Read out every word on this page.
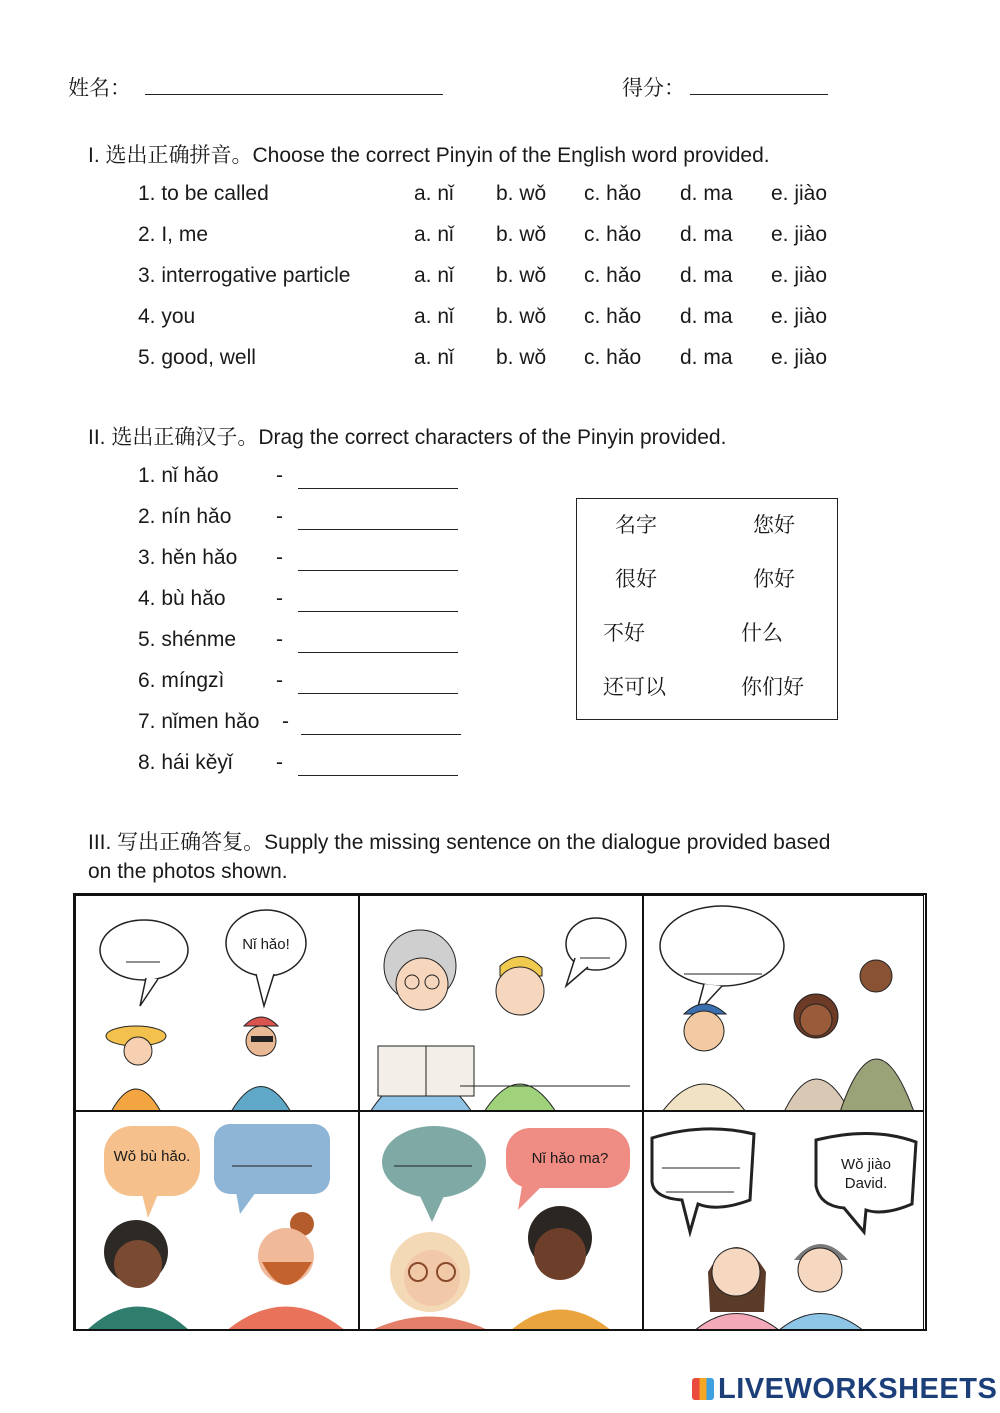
姓名：	得分：
I. 选出正确拼音。Choose the correct Pinyin of the English word provided.
1. to be called	a. nǐ b. wǒ c. hǎo d. ma e. jiào
2. I, me	a. nǐ b. wǒ c. hǎo d. ma e. jiào
3. interrogative particle	a. nǐ b. wǒ c. hǎo d. ma e. jiào
4. you	a. nǐ b. wǒ c. hǎo d. ma e. jiào
5. good, well	a. nǐ b. wǒ c. hǎo d. ma e. jiào
II. 选出正确汉子。Drag the correct characters of the Pinyin provided.
1. nǐ hǎo	-
2. nín hǎo -
3. hěn hǎo -
4. bù hǎo -
5. shénme -
6. míngzì -
7. nǐmen hǎo -
8. hái kěyǐ -
名字	您好
很好	你好
不好	什么
还可以	你们好
III. 写出正确答复。Supply the missing sentence on the dialogue provided based
on the photos shown.
Nǐ hǎo!
Wǒ bù hǎo.	Nǐ hǎo ma?	Wǒ jiào
David.
LIVEWORKSHEETS
